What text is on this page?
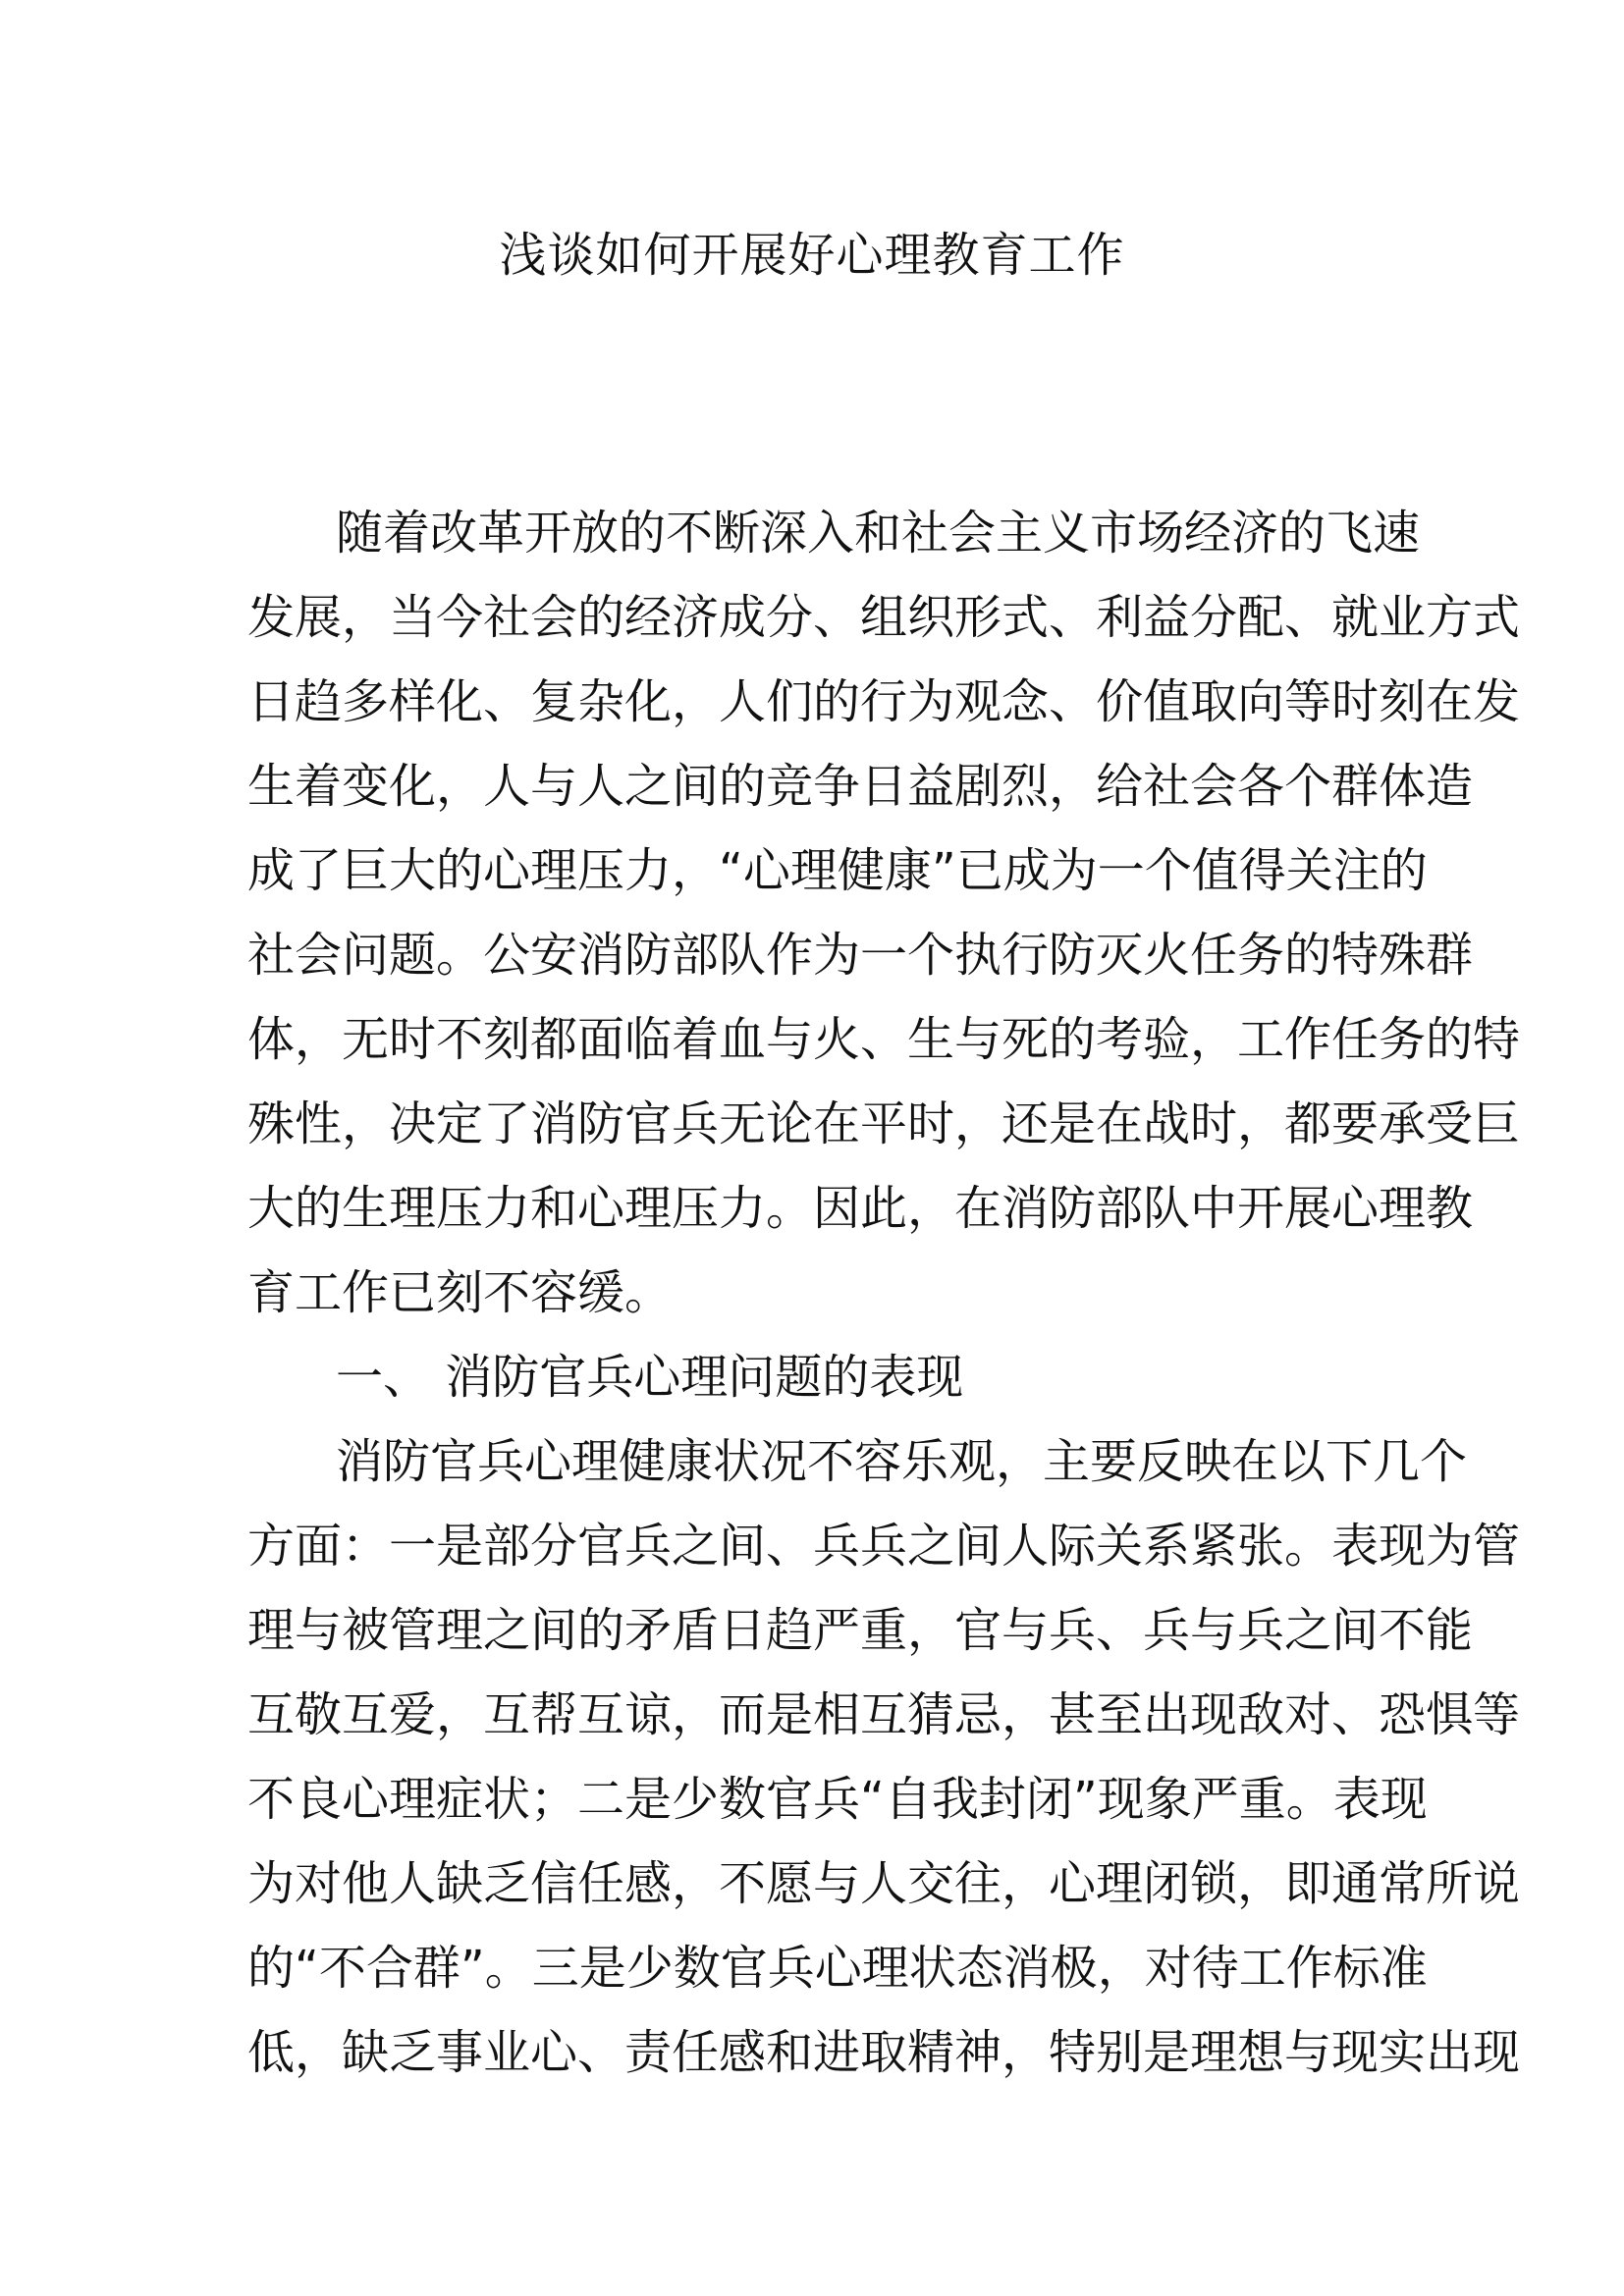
浅谈如何开展好心理教育工作
随着改革开放的不断深入和社会主义市场经济的飞速
发展，当今社会的经济成分、组织形式、利益分配、就业方式
日趋多样化、复杂化，人们的行为观念、价值取向等时刻在发
生着变化，人与人之间的竞争日益剧烈，给社会各个群体造
成了巨大的心理压力，“心理健康”已成为一个值得关注的
社会问题。公安消防部队作为一个执行防灭火任务的特殊群
体，无时不刻都面临着血与火、生与死的考验，工作任务的特
殊性，决定了消防官兵无论在平时，还是在战时，都要承受巨
大的生理压力和心理压力。因此，在消防部队中开展心理教
育工作已刻不容缓。
一、 消防官兵心理问题的表现
消防官兵心理健康状况不容乐观，主要反映在以下几个
方面：一是部分官兵之间、兵兵之间人际关系紧张。表现为管
理与被管理之间的矛盾日趋严重，官与兵、兵与兵之间不能
互敬互爱，互帮互谅，而是相互猜忌，甚至出现敌对、恐惧等
不良心理症状；二是少数官兵“自我封闭”现象严重。表现
为对他人缺乏信任感，不愿与人交往，心理闭锁，即通常所说
的“不合群”。三是少数官兵心理状态消极，对待工作标准
低，缺乏事业心、责任感和进取精神，特别是理想与现实出现
